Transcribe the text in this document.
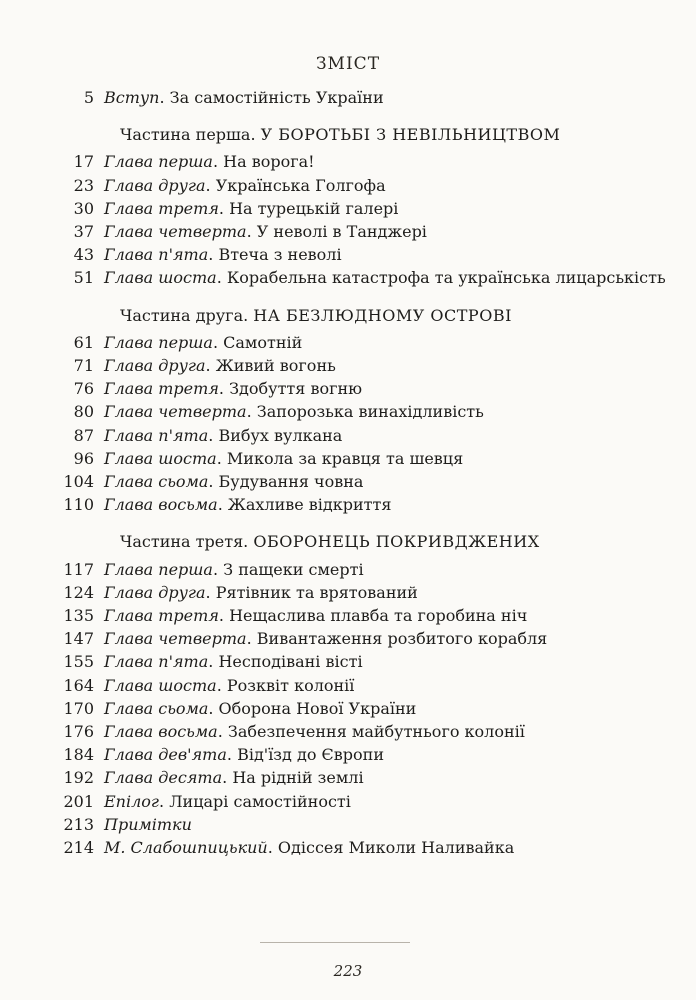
ЗМІСТ
5 Вступ. За самостійність України
Частина перша. У БОРОТЬБІ З НЕВІЛЬНИЦТВОМ
17 Глава перша. На ворога!
23 Глава друга. Українська Голгофа
30 Глава третя. На турецькій галері
37 Глава четверта. У неволі в Танджері
43 Глава п'ята. Втеча з неволі
51 Глава шоста. Корабельна катастрофа та українська лицарськість
Частина друга. НА БЕЗЛЮДНОМУ ОСТРОВІ
61 Глава перша. Самотній
71 Глава друга. Живий вогонь
76 Глава третя. Здобуття вогню
80 Глава четверта. Запорозька винахідливість
87 Глава п'ята. Вибух вулкана
96 Глава шоста. Микола за кравця та шевця
104 Глава сьома. Будування човна
110 Глава восьма. Жахливе відкриття
Частина третя. ОБОРОНЕЦЬ ПОКРИВДЖЕНИХ
117 Глава перша. З пащеки смерті
124 Глава друга. Рятівник та врятований
135 Глава третя. Нещаслива плавба та горобина ніч
147 Глава четверта. Вивантаження розбитого корабля
155 Глава п'ята. Несподівані вісті
164 Глава шоста. Розквіт колонії
170 Глава сьома. Оборона Нової України
176 Глава восьма. Забезпечення майбутнього колонії
184 Глава дев'ята. Від'їзд до Європи
192 Глава десята. На рідній землі
201 Епілог. Лицарі самостійності
213 Примітки
214 М. Слабошпицький. Одіссея Миколи Наливайка
223
